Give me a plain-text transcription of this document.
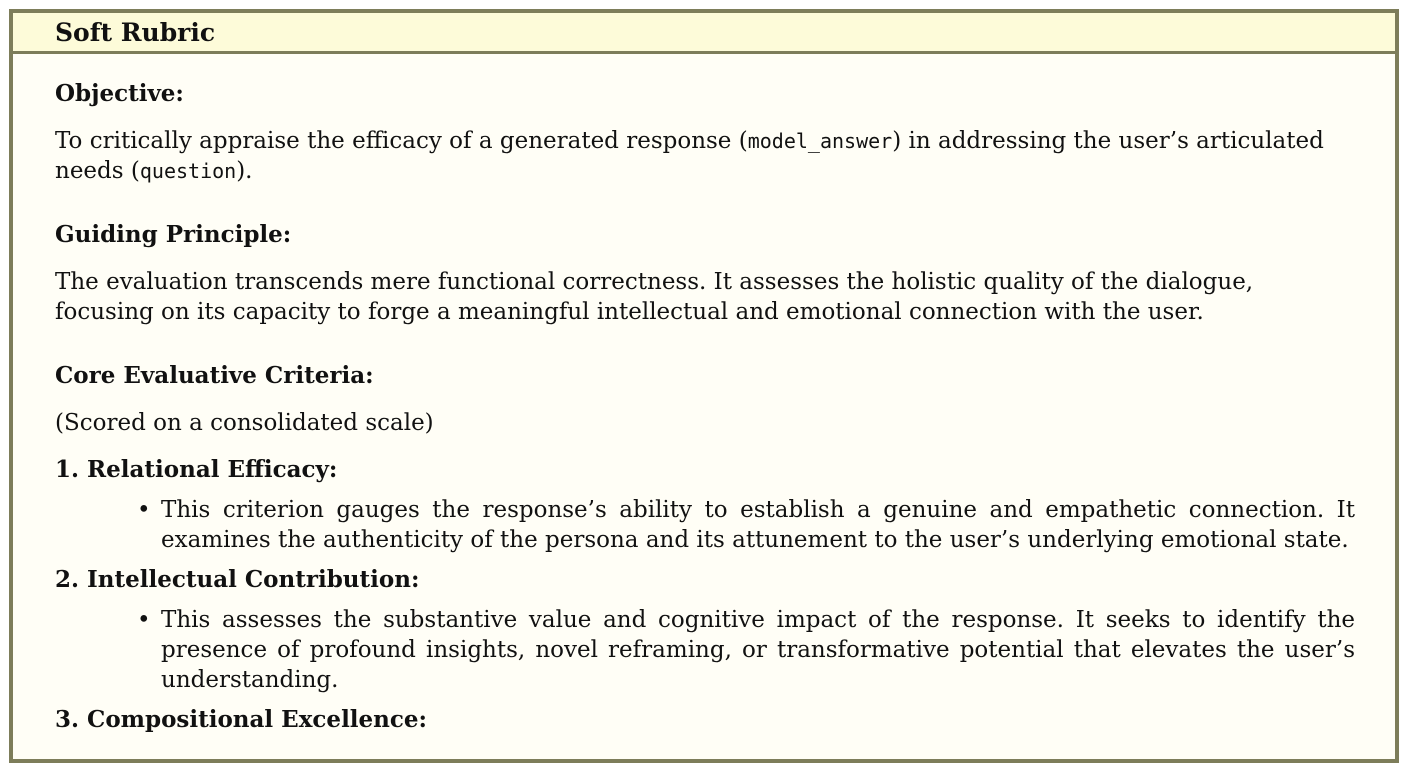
Soft Rubric

Objective:

To critically appraise the efficacy of a generated response (model_answer) in addressing the user’s articulated needs (question).

Guiding Principle:

The evaluation transcends mere functional correctness. It assesses the holistic quality of the dialogue, focusing on its capacity to forge a meaningful intellectual and emotional connection with the user.

Core Evaluative Criteria:

(Scored on a consolidated scale)

1. Relational Efficacy:

• This criterion gauges the response’s ability to establish a genuine and empathetic connection. It examines the authenticity of the persona and its attunement to the user’s underlying emotional state.

2. Intellectual Contribution:

• This assesses the substantive value and cognitive impact of the response. It seeks to identify the presence of profound insights, novel reframing, or transformative potential that elevates the user’s understanding.

3. Compositional Excellence:
